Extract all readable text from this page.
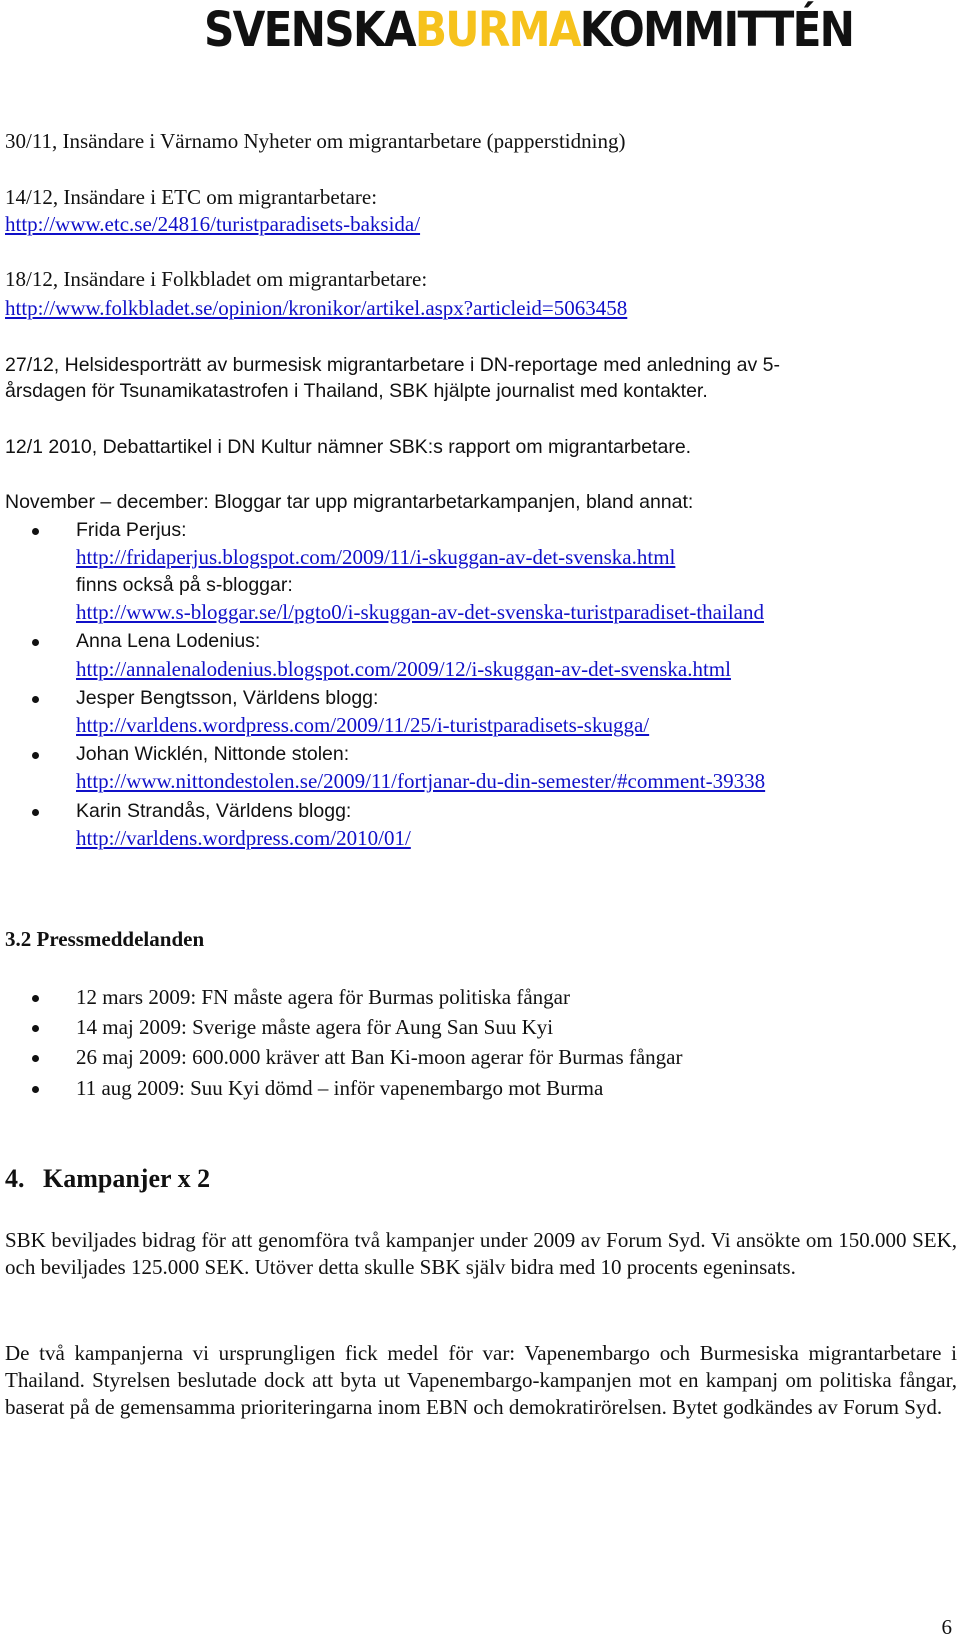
SVENSKABURMAKOMMITTÉN
30/11, Insändare i Värnamo Nyheter om migrantarbetare (papperstidning)
14/12, Insändare i ETC om migrantarbetare:
http://www.etc.se/24816/turistparadisets-baksida/
18/12, Insändare i Folkbladet om migrantarbetare:
http://www.folkbladet.se/opinion/kronikor/artikel.aspx?articleid=5063458
27/12, Helsidesporträtt av burmesisk migrantarbetare i DN-reportage med anledning av 5-
årsdagen för Tsunamikatastrofen i Thailand, SBK hjälpte journalist med kontakter.
12/1 2010, Debattartikel i DN Kultur nämner SBK:s rapport om migrantarbetare.
November – december: Bloggar tar upp migrantarbetarkampanjen, bland annat:
Frida Perjus:
http://fridaperjus.blogspot.com/2009/11/i-skuggan-av-det-svenska.html
finns också på s-bloggar:
http://www.s-bloggar.se/l/pgto0/i-skuggan-av-det-svenska-turistparadiset-thailand
Anna Lena Lodenius:
http://annalenalodenius.blogspot.com/2009/12/i-skuggan-av-det-svenska.html
Jesper Bengtsson, Världens blogg:
http://varldens.wordpress.com/2009/11/25/i-turistparadisets-skugga/
Johan Wicklén, Nittonde stolen:
http://www.nittondestolen.se/2009/11/fortjanar-du-din-semester/#comment-39338
Karin Strandås, Världens blogg:
http://varldens.wordpress.com/2010/01/
3.2 Pressmeddelanden
12 mars 2009: FN måste agera för Burmas politiska fångar
14 maj 2009: Sverige måste agera för Aung San Suu Kyi
26 maj 2009: 600.000 kräver att Ban Ki-moon agerar för Burmas fångar
11 aug 2009: Suu Kyi dömd – inför vapenembargo mot Burma
4. Kampanjer x 2
SBK beviljades bidrag för att genomföra två kampanjer under 2009 av Forum Syd. Vi ansökte om 150.000 SEK, och beviljades 125.000 SEK. Utöver detta skulle SBK själv bidra med 10 procents egeninsats.
De två kampanjerna vi ursprungligen fick medel för var: Vapenembargo och Burmesiska migrantarbetare i Thailand. Styrelsen beslutade dock att byta ut Vapenembargo-kampanjen mot en kampanj om politiska fångar, baserat på de gemensamma prioriteringarna inom EBN och demokratirörelsen. Bytet godkändes av Forum Syd.
6
